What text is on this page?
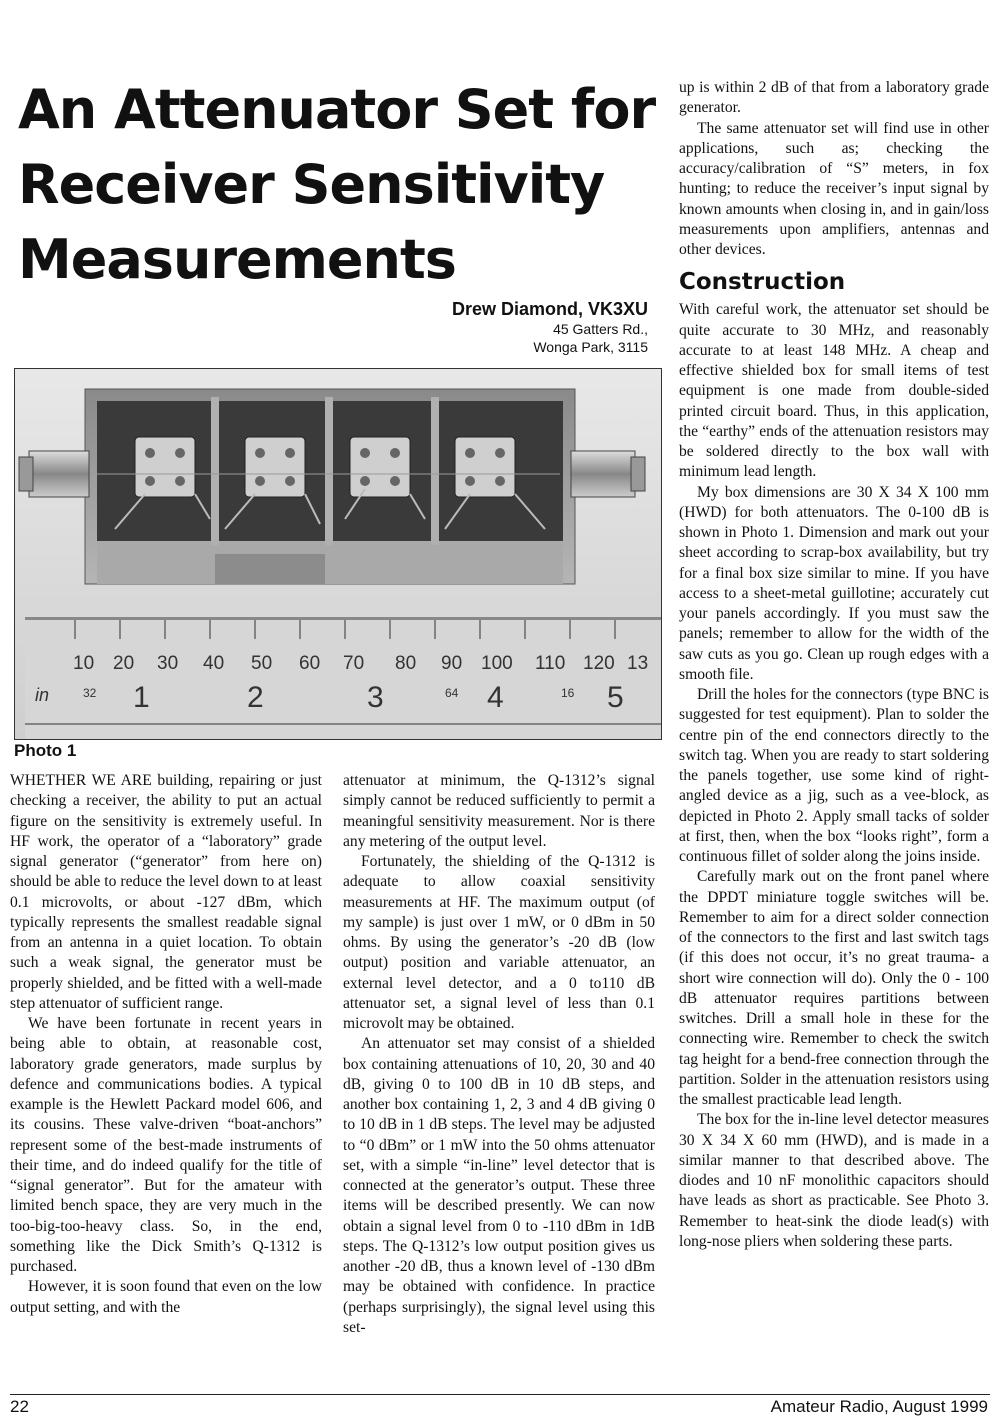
An Attenuator Set for Receiver Sensitivity Measurements
Drew Diamond, VK3XU
45 Gatters Rd.,
Wonga Park, 3115
10 20 30 40 50 60 70 80 90 100 110 120 13
in	32 1	2	3	64 4	16 5
Photo 1

WHETHER WE ARE building, repairing or just checking a receiver, the ability to put an actual figure on the sensitivity is extremely useful. In HF work, the operator of a “laboratory” grade signal generator (“generator” from here on) should be able to reduce the level down to at least 0.1 microvolts, or about -127 dBm, which typically represents the smallest readable signal from an antenna in a quiet location. To obtain such a weak signal, the generator must be properly shielded, and be fitted with a well-made step attenuator of sufficient range.

We have been fortunate in recent years in being able to obtain, at reasonable cost, laboratory grade generators, made surplus by defence and communications bodies. A typical example is the Hewlett Packard model 606, and its cousins. These valve-driven “boat-anchors” represent some of the best-made instruments of their time, and do indeed qualify for the title of “signal generator”. But for the amateur with limited bench space, they are very much in the too-big-too-heavy class. So, in the end, something like the Dick Smith’s Q-1312 is purchased.

However, it is soon found that even on the low output setting, and with the

attenuator at minimum, the Q-1312’s signal simply cannot be reduced sufficiently to permit a meaningful sensitivity measurement. Nor is there any metering of the output level.

Fortunately, the shielding of the Q-1312 is adequate to allow coaxial sensitivity measurements at HF. The maximum output (of my sample) is just over 1 mW, or 0 dBm in 50 ohms. By using the generator’s -20 dB (low output) position and variable attenuator, an external level detector, and a 0 to110 dB attenuator set, a signal level of less than 0.1 microvolt may be obtained.

An attenuator set may consist of a shielded box containing attenuations of 10, 20, 30 and 40 dB, giving 0 to 100 dB in 10 dB steps, and another box containing 1, 2, 3 and 4 dB giving 0 to 10 dB in 1 dB steps. The level may be adjusted to “0 dBm” or 1 mW into the 50 ohms attenuator set, with a simple “in-line” level detector that is connected at the generator’s output. These three items will be described presently. We can now obtain a signal level from 0 to -110 dBm in 1dB steps. The Q-1312’s low output position gives us another -20 dB, thus a known level of -130 dBm may be obtained with confidence. In practice (perhaps surprisingly), the signal level using this set-

up is within 2 dB of that from a laboratory grade generator.

The same attenuator set will find use in other applications, such as; checking the accuracy/calibration of “S” meters, in fox hunting; to reduce the receiver’s input signal by known amounts when closing in, and in gain/loss measurements upon amplifiers, antennas and other devices.

Construction

With careful work, the attenuator set should be quite accurate to 30 MHz, and reasonably accurate to at least 148 MHz. A cheap and effective shielded box for small items of test equipment is one made from double-sided printed circuit board. Thus, in this application, the “earthy” ends of the attenuation resistors may be soldered directly to the box wall with minimum lead length.

My box dimensions are 30 X 34 X 100 mm (HWD) for both attenuators. The 0-100 dB is shown in Photo 1. Dimension and mark out your sheet according to scrap-box availability, but try for a final box size similar to mine. If you have access to a sheet-metal guillotine; accurately cut your panels accordingly. If you must saw the panels; remember to allow for the width of the saw cuts as you go. Clean up rough edges with a smooth file.

Drill the holes for the connectors (type BNC is suggested for test equipment). Plan to solder the centre pin of the end connectors directly to the switch tag. When you are ready to start soldering the panels together, use some kind of right-angled device as a jig, such as a vee-block, as depicted in Photo 2. Apply small tacks of solder at first, then, when the box “looks right”, form a continuous fillet of solder along the joins inside.

Carefully mark out on the front panel where the DPDT miniature toggle switches will be. Remember to aim for a direct solder connection of the connectors to the first and last switch tags (if this does not occur, it’s no great trauma- a short wire connection will do). Only the 0 - 100 dB attenuator requires partitions between switches. Drill a small hole in these for the connecting wire. Remember to check the switch tag height for a bend-free connection through the partition. Solder in the attenuation resistors using the smallest practicable lead length.

The box for the in-line level detector measures 30 X 34 X 60 mm (HWD), and is made in a similar manner to that described above. The diodes and 10 nF monolithic capacitors should have leads as short as practicable. See Photo 3. Remember to heat-sink the diode lead(s) with long-nose pliers when soldering these parts.

22	Amateur Radio, August 1999
